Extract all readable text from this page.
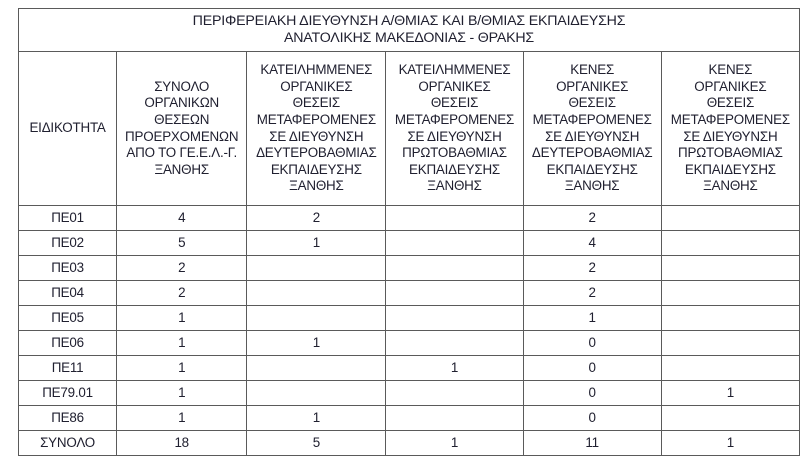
ΠΕΡΙΦΕΡΕΙΑΚΗ ΔΙΕΥΘΥΝΣΗ Α/ΘΜΙΑΣ ΚΑΙ Β/ΘΜΙΑΣ ΕΚΠΑΙΔΕΥΣΗΣ
ΑΝΑΤΟΛΙΚΗΣ ΜΑΚΕΔΟΝΙΑΣ - ΘΡΑΚΗΣ					

ΕΙΔΙΚΟΤΗΤΑ

ΣΥΝΟΛΟ
ΟΡΓΑΝΙΚΩΝ
ΘΕΣΕΩΝ
ΠΡΟΕΡΧΟΜΕΝΩΝ
ΑΠΟ ΤΟ ΓΕ.Ε.Λ.-Γ.
ΞΑΝΘΗΣ

ΚΑΤΕΙΛΗΜΜΕΝΕΣ
ΟΡΓΑΝΙΚΕΣ
ΘΕΣΕΙΣ
ΜΕΤΑΦΕΡΟΜΕΝΕΣ
ΣΕ ΔΙΕΥΘΥΝΣΗ
ΔΕΥΤΕΡΟΒΑΘΜΙΑΣ
ΕΚΠΑΙΔΕΥΣΗΣ
ΞΑΝΘΗΣ

ΚΑΤΕΙΛΗΜΜΕΝΕΣ
ΟΡΓΑΝΙΚΕΣ
ΘΕΣΕΙΣ
ΜΕΤΑΦΕΡΟΜΕΝΕΣ
ΣΕ ΔΙΕΥΘΥΝΣΗ
ΠΡΩΤΟΒΑΘΜΙΑΣ
ΕΚΠΑΙΔΕΥΣΗΣ
ΞΑΝΘΗΣ

ΚΕΝΕΣ
ΟΡΓΑΝΙΚΕΣ
ΘΕΣΕΙΣ
ΜΕΤΑΦΕΡΟΜΕΝΕΣ
ΣΕ ΔΙΕΥΘΥΝΣΗ
ΔΕΥΤΕΡΟΒΑΘΜΙΑΣ
ΕΚΠΑΙΔΕΥΣΗΣ
ΞΑΝΘΗΣ

ΚΕΝΕΣ
ΟΡΓΑΝΙΚΕΣ
ΘΕΣΕΙΣ
ΜΕΤΑΦΕΡΟΜΕΝΕΣ
ΣΕ ΔΙΕΥΘΥΝΣΗ
ΠΡΩΤΟΒΑΘΜΙΑΣ
ΕΚΠΑΙΔΕΥΣΗΣ
ΞΑΝΘΗΣ

ΠΕ01	4	2		2	
ΠΕ02	5	1		4	
ΠΕ03	2			2	
ΠΕ04	2			2	
ΠΕ05	1			1	
ΠΕ06	1	1		0	
ΠΕ11	1		1	0	
ΠΕ79.01	1			0	1
ΠΕ86	1	1		0	
ΣΥΝΟΛΟ	18	5	1	11	1
